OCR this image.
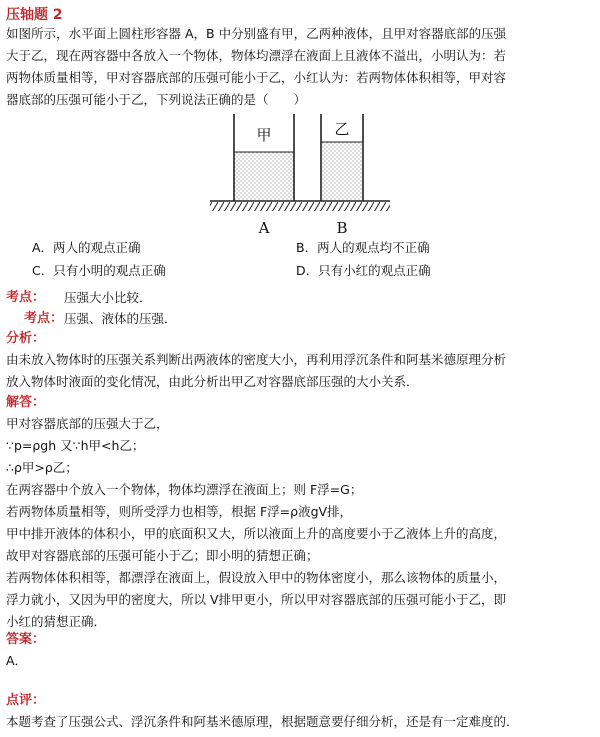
压轴题 2
如图所示，水平面上圆柱形容器 A，B 中分别盛有甲，乙两种液体，且甲对容器底部的压强
大于乙，现在两容器中各放入一个物体，物体均漂浮在液面上且液体不溢出，小明认为：若
两物体质量相等，甲对容器底部的压强可能小于乙，小红认为：若两物体体积相等，甲对容
器底部的压强可能小于乙，下列说法正确的是（　　）
甲	乙
A	B
A．两人的观点正确	B．两人的观点均不正确
C．只有小明的观点正确	D．只有小红的观点正确
考点： 压强大小比较．
考点： 压强、液体的压强．
分析：
由未放入物体时的压强关系判断出两液体的密度大小，再利用浮沉条件和阿基米德原理分析
放入物体时液面的变化情况，由此分析出甲乙对容器底部压强的大小关系．
解答：
甲对容器底部的压强大于乙，
∵p=ρgh 又∵h甲<h乙；
∴ρ甲>ρ乙；
在两容器中个放入一个物体，物体均漂浮在液面上；则 F浮=G；
若两物体质量相等，则所受浮力也相等，根据 F浮=ρ液gV排，
甲中排开液体的体积小，甲的底面积又大，所以液面上升的高度要小于乙液体上升的高度，
故甲对容器底部的压强可能小于乙；即小明的猜想正确；
若两物体体积相等，都漂浮在液面上，假设放入甲中的物体密度小，那么该物体的质量小，
浮力就小，又因为甲的密度大，所以 V排甲更小，所以甲对容器底部的压强可能小于乙，即
小红的猜想正确．
答案：
A．
点评：
本题考查了压强公式、浮沉条件和阿基米德原理，根据题意要仔细分析，还是有一定难度的．
